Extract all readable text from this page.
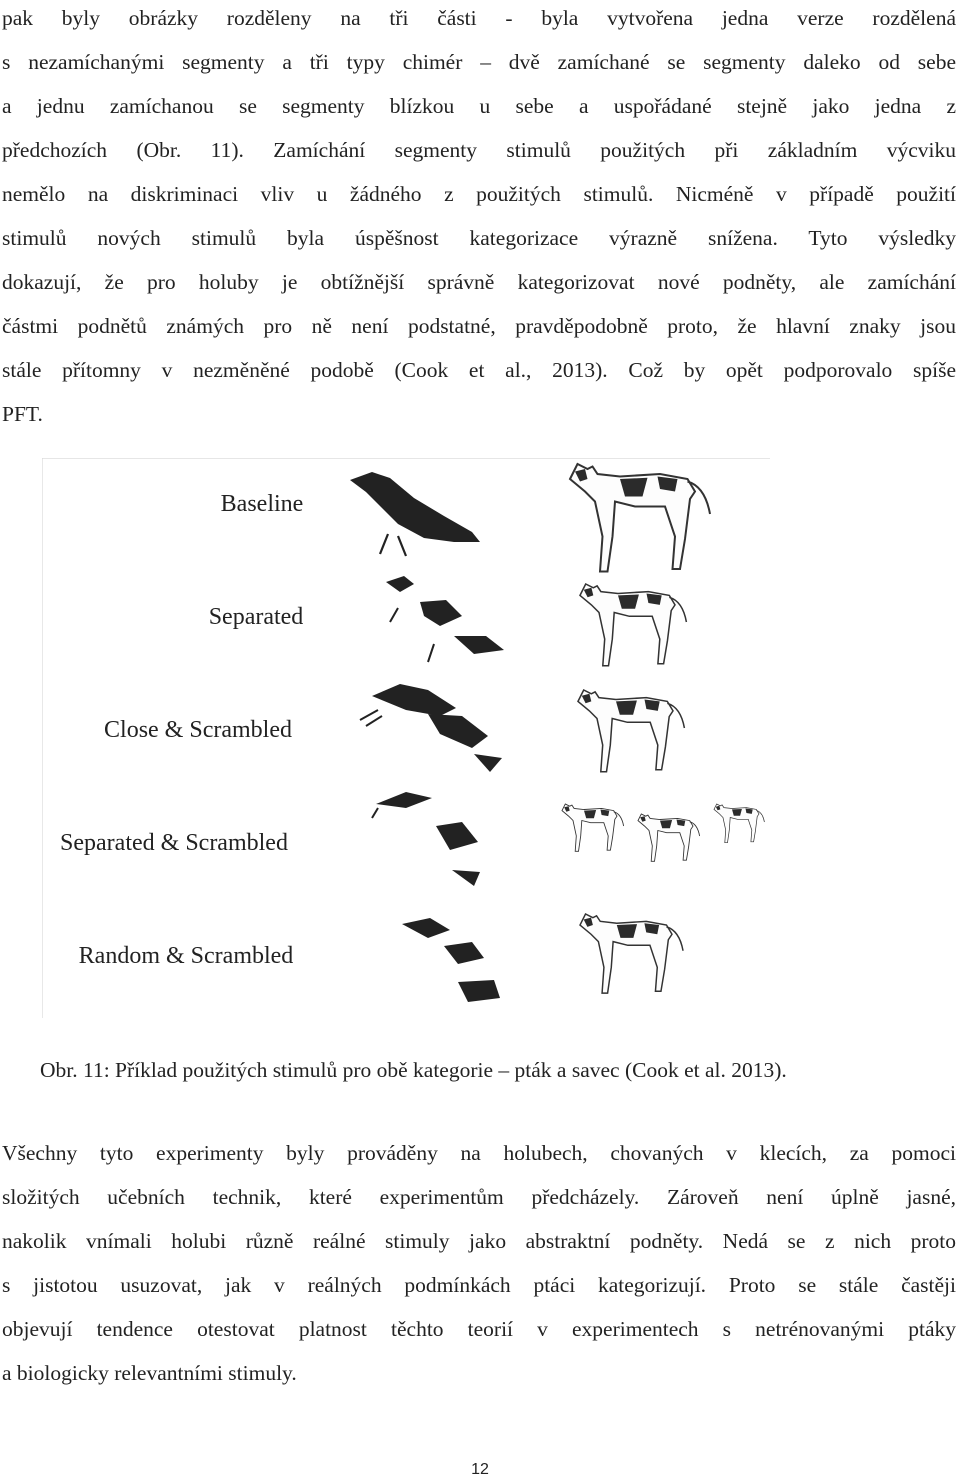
pak byly obrázky rozděleny na tři části - byla vytvořena jedna verze rozdělená
s nezamíchanými segmenty a tři typy chimér – dvě zamíchané se segmenty daleko od sebe
a jednu zamíchanou se segmenty blízkou u sebe a uspořádané stejně jako jedna z
předchozích (Obr. 11). Zamíchání segmenty stimulů použitých při základním výcviku
nemělo na diskriminaci vliv u žádného z použitých stimulů. Nicméně v případě použití
stimulů nových stimulů byla úspěšnost kategorizace výrazně snížena. Tyto výsledky
dokazují, že pro holuby je obtížnější správně kategorizovat nové podněty, ale zamíchání
částmi podnětů známých pro ně není podstatné, pravděpodobně proto, že hlavní znaky jsou
stále přítomny v nezměněné podobě (Cook et al., 2013). Což by opět podporovalo spíše
PFT.
Baseline
Separated
Close & Scrambled
Separated & Scrambled
Random & Scrambled

Obr. 11: Příklad použitých stimulů pro obě kategorie – pták a savec (Cook et al. 2013).

Všechny tyto experimenty byly prováděny na holubech, chovaných v klecích, za pomoci
složitých učebních technik, které experimentům předcházely. Zároveň není úplně jasné,
nakolik vnímali holubi různě reálné stimuly jako abstraktní podněty. Nedá se z nich proto
s jistotou usuzovat, jak v reálných podmínkách ptáci kategorizují. Proto se stále častěji
objevují tendence otestovat platnost těchto teorií v experimentech s netrénovanými ptáky
a biologicky relevantními stimuly.
12
